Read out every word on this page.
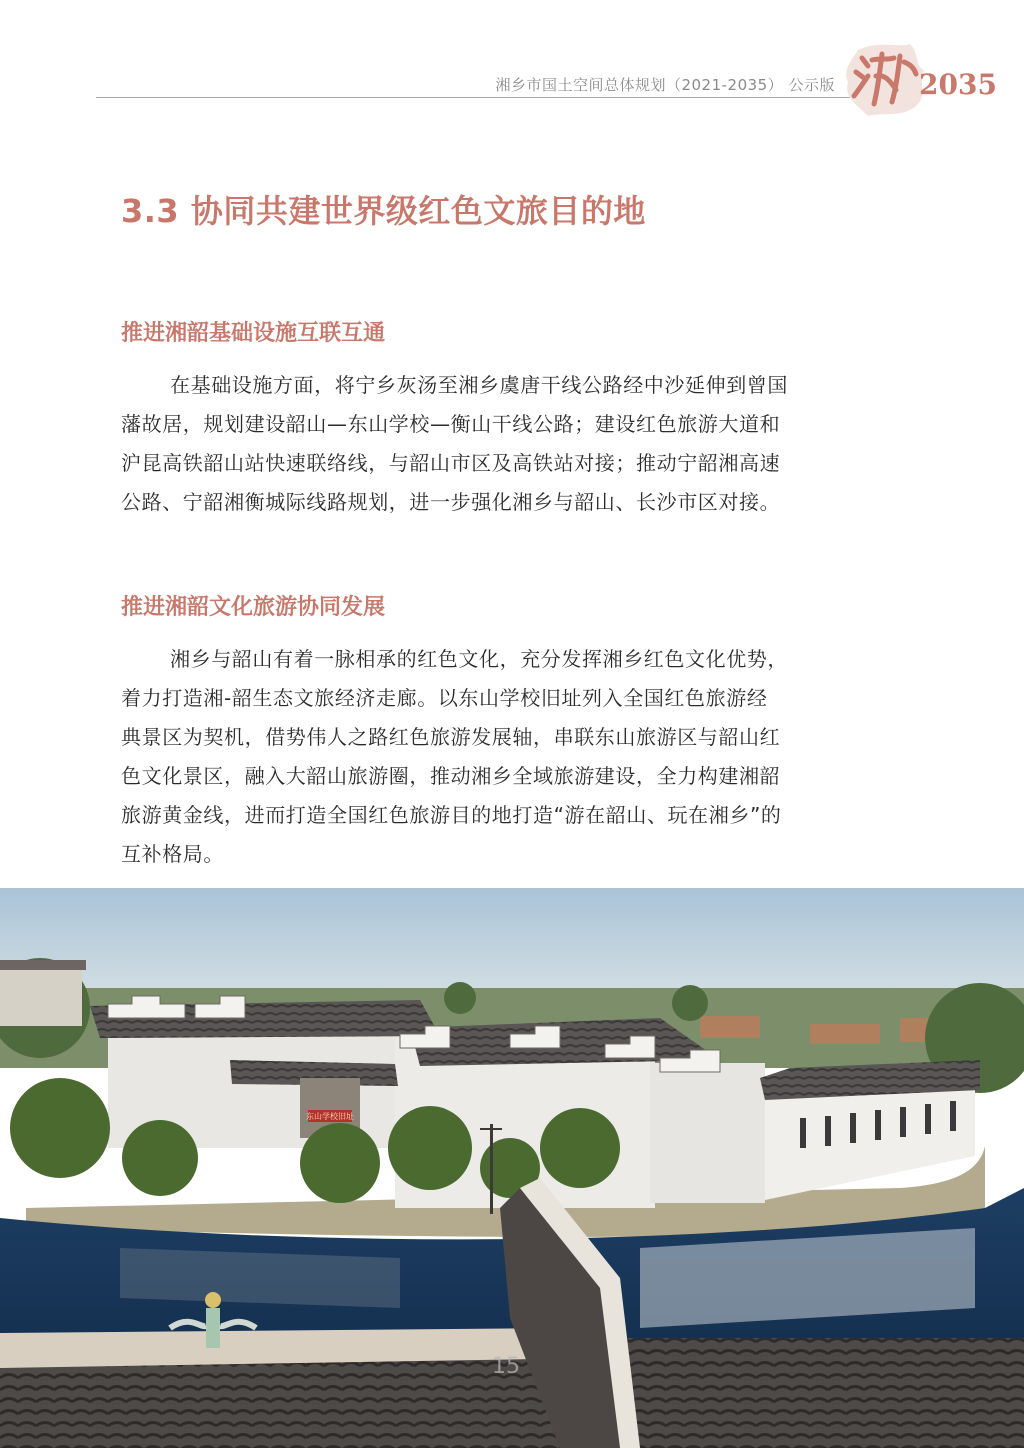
湘乡市国土空间总体规划（2021-2035） 公示版	2035
3.3 协同共建世界级红色文旅目的地
推进湘韶基础设施互联互通
在基础设施方面，将宁乡灰汤至湘乡虞唐干线公路经中沙延伸到曾国
藩故居，规划建设韶山—东山学校—衡山干线公路；建设红色旅游大道和
沪昆高铁韶山站快速联络线，与韶山市区及高铁站对接；推动宁韶湘高速
公路、宁韶湘衡城际线路规划，进一步强化湘乡与韶山、长沙市区对接。
推进湘韶文化旅游协同发展
湘乡与韶山有着一脉相承的红色文化，充分发挥湘乡红色文化优势，
着力打造湘-韶生态文旅经济走廊。以东山学校旧址列入全国红色旅游经
典景区为契机，借势伟人之路红色旅游发展轴，串联东山旅游区与韶山红
色文化景区，融入大韶山旅游圈，推动湘乡全域旅游建设，全力构建湘韶
旅游黄金线，进而打造全国红色旅游目的地打造“游在韶山、玩在湘乡”的
互补格局。
东山学校旧址
15
